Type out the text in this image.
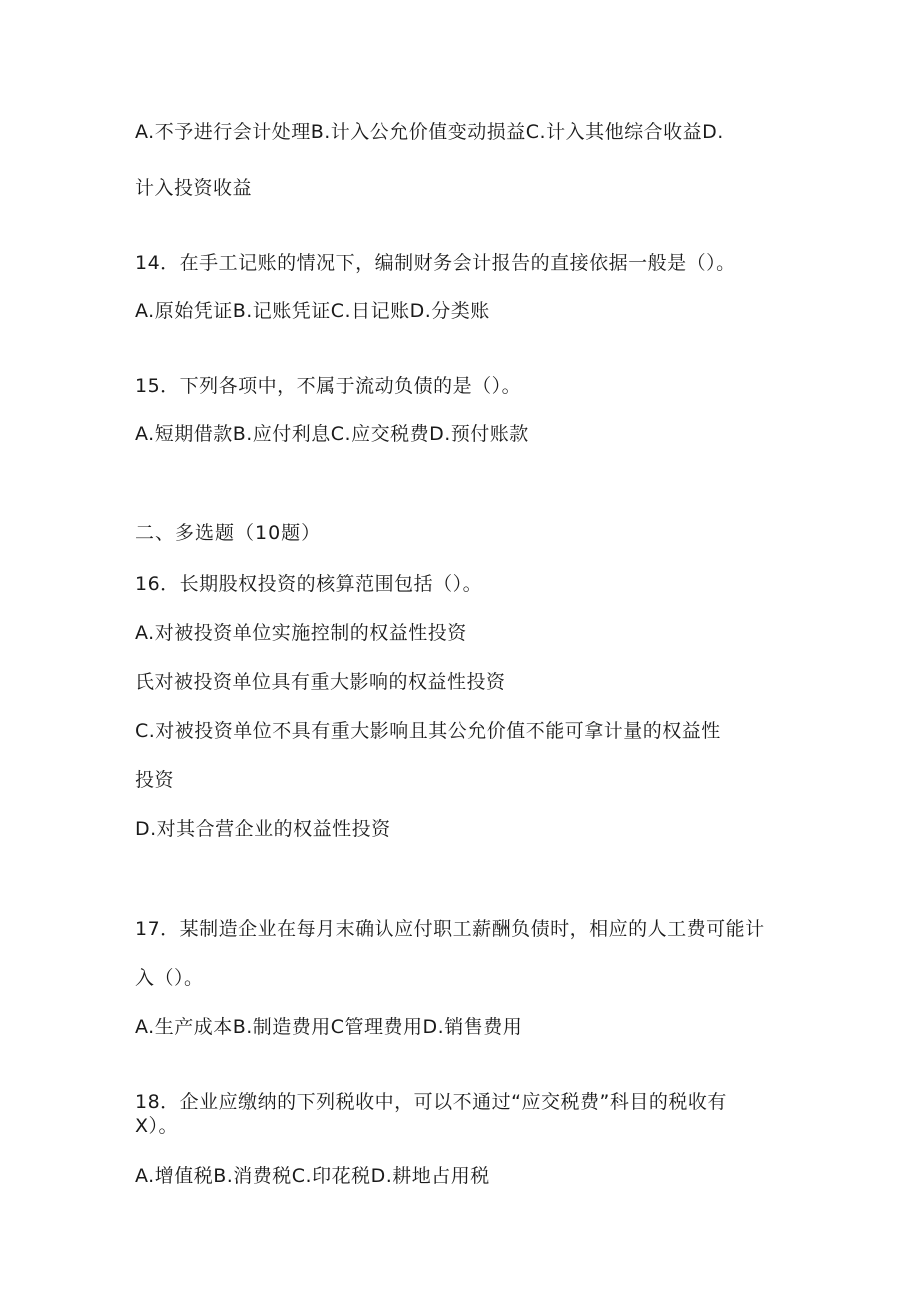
A.不予进行会计处理B.计入公允价值变动损益C.计入其他综合收益D.
计入投资收益
14．在手工记账的情况下，编制财务会计报告的直接依据一般是（）。
A.原始凭证B.记账凭证C.日记账D.分类账
15．下列各项中，不属于流动负债的是（）。
A.短期借款B.应付利息C.应交税费D.预付账款
二、多选题（10题）
16．长期股权投资的核算范围包括（）。
A.对被投资单位实施控制的权益性投资
氏对被投资单位具有重大影响的权益性投资
C.对被投资单位不具有重大影响且其公允价值不能可拿计量的权益性
投资
D.对其合营企业的权益性投资
17．某制造企业在每月末确认应付职工薪酬负债时，相应的人工费可能计
入（）。
A.生产成本B.制造费用C管理费用D.销售费用
18．企业应缴纳的下列税收中，可以不通过“应交税费”科目的税收有
X）。
A.增值税B.消费税C.印花税D.耕地占用税
